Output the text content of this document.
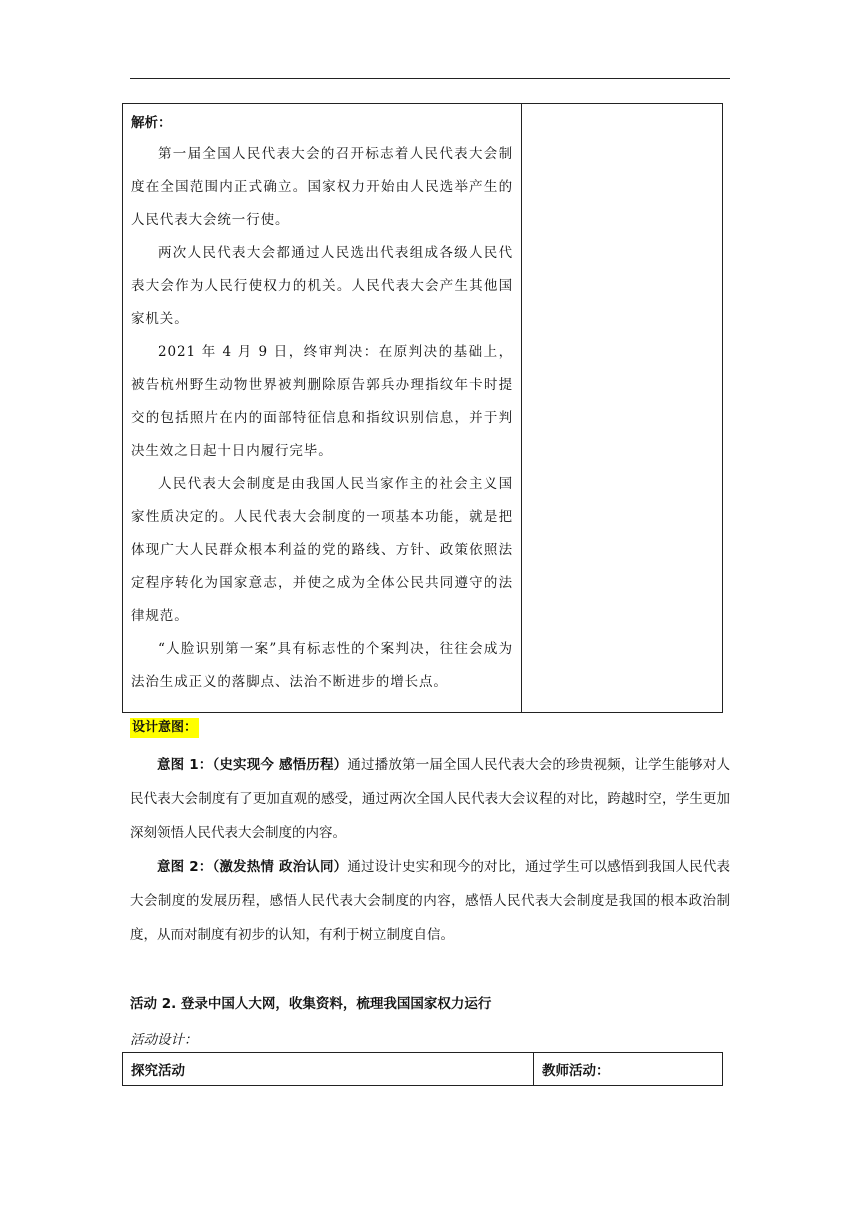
解析：

第一届全国人民代表大会的召开标志着人民代表大会制度在全国范围内正式确立。国家权力开始由人民选举产生的人民代表大会统一行使。

两次人民代表大会都通过人民选出代表组成各级人民代表大会作为人民行使权力的机关。人民代表大会产生其他国家机关。

2021 年 4 月 9 日，终审判决：在原判决的基础上，被告杭州野生动物世界被判删除原告郭兵办理指纹年卡时提交的包括照片在内的面部特征信息和指纹识别信息，并于判决生效之日起十日内履行完毕。

人民代表大会制度是由我国人民当家作主的社会主义国家性质决定的。人民代表大会制度的一项基本功能，就是把体现广大人民群众根本利益的党的路线、方针、政策依照法定程序转化为国家意志，并使之成为全体公民共同遵守的法律规范。

“人脸识别第一案”具有标志性的个案判决，往往会成为法治生成正义的落脚点、法治不断进步的增长点。

设计意图：

意图 1：（史实现今 感悟历程）通过播放第一届全国人民代表大会的珍贵视频，让学生能够对人民代表大会制度有了更加直观的感受，通过两次全国人民代表大会议程的对比，跨越时空，学生更加深刻领悟人民代表大会制度的内容。

意图 2：（激发热情 政治认同）通过设计史实和现今的对比，通过学生可以感悟到我国人民代表大会制度的发展历程，感悟人民代表大会制度的内容，感悟人民代表大会制度是我国的根本政治制度，从而对制度有初步的认知，有利于树立制度自信。

活动 2. 登录中国人大网，收集资料，梳理我国国家权力运行
活动设计：
探究活动	教师活动：
